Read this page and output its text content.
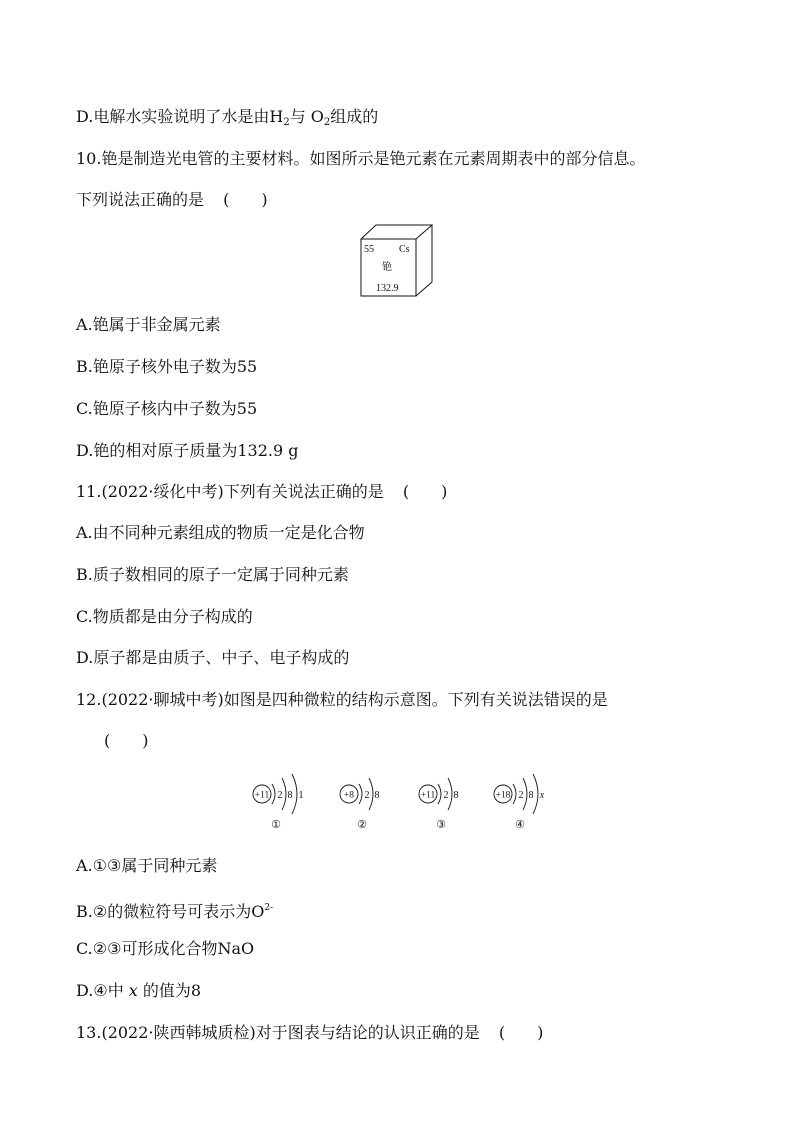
D.电解水实验说明了水是由$H_2$与 $O_2$组成的
10.铯是制造光电管的主要材料。如图所示是铯元素在元素周期表中的部分信息。
下列说法正确的是 (　　)
55	Cs
铯
132.9
A.铯属于非金属元素
B.铯原子核外电子数为55
C.铯原子核内中子数为55
D.铯的相对原子质量为132.9 g
11.(2022·绥化中考)下列有关说法正确的是 (　　)
A.由不同种元素组成的物质一定是化合物
B.质子数相同的原子一定属于同种元素
C.物质都是由分子构成的
D.原子都是由质子、中子、电子构成的
12.(2022·聊城中考)如图是四种微粒的结构示意图。下列有关说法错误的是
(　　)
+11 2 8 1
①
+8 2 8
②
+11 2 8
③
+18 2 8 x
④
A.①③属于同种元素
B.②的微粒符号可表示为$O^{2-}$
C.②③可形成化合物NaO
D.④中 x 的值为8
13.(2022·陕西韩城质检)对于图表与结论的认识正确的是 (　　)
